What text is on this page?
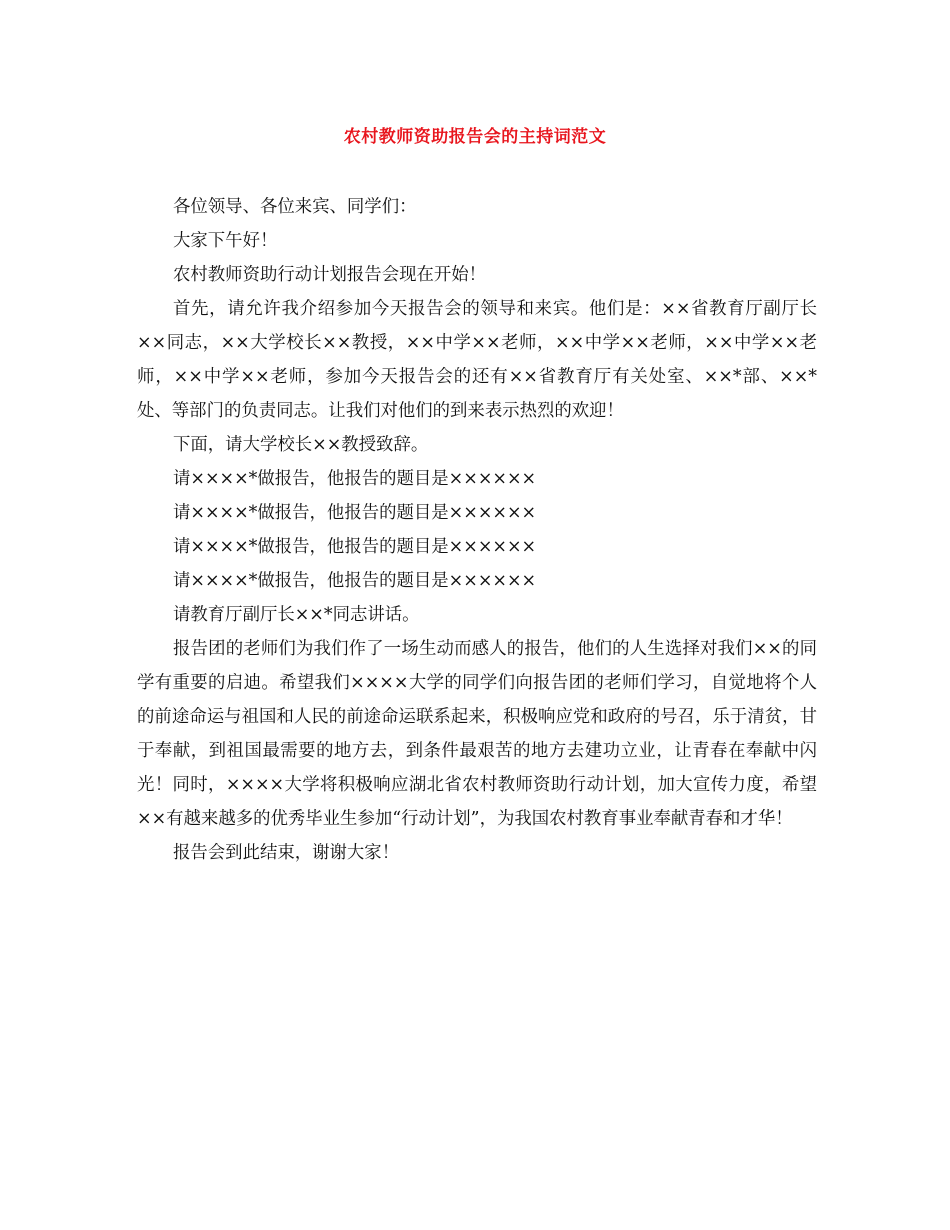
农村教师资助报告会的主持词范文

各位领导、各位来宾、同学们：

大家下午好！

农村教师资助行动计划报告会现在开始！

首先，请允许我介绍参加今天报告会的领导和来宾。他们是：××省教育厅副厅长××同志，××大学校长××教授，××中学××老师，××中学××老师，××中学××老师，××中学××老师，参加今天报告会的还有××省教育厅有关处室、××*部、××*处、等部门的负责同志。让我们对他们的到来表示热烈的欢迎！

下面，请大学校长××教授致辞。

请××××*做报告，他报告的题目是××××××

请××××*做报告，他报告的题目是××××××

请××××*做报告，他报告的题目是××××××

请××××*做报告，他报告的题目是××××××

请教育厅副厅长××*同志讲话。

报告团的老师们为我们作了一场生动而感人的报告，他们的人生选择对我们××的同学有重要的启迪。希望我们××××大学的同学们向报告团的老师们学习，自觉地将个人的前途命运与祖国和人民的前途命运联系起来，积极响应党和政府的号召，乐于清贫，甘于奉献，到祖国最需要的地方去，到条件最艰苦的地方去建功立业，让青春在奉献中闪光！同时，××××大学将积极响应湖北省农村教师资助行动计划，加大宣传力度，希望××有越来越多的优秀毕业生参加“行动计划”，为我国农村教育事业奉献青春和才华！

报告会到此结束，谢谢大家！
